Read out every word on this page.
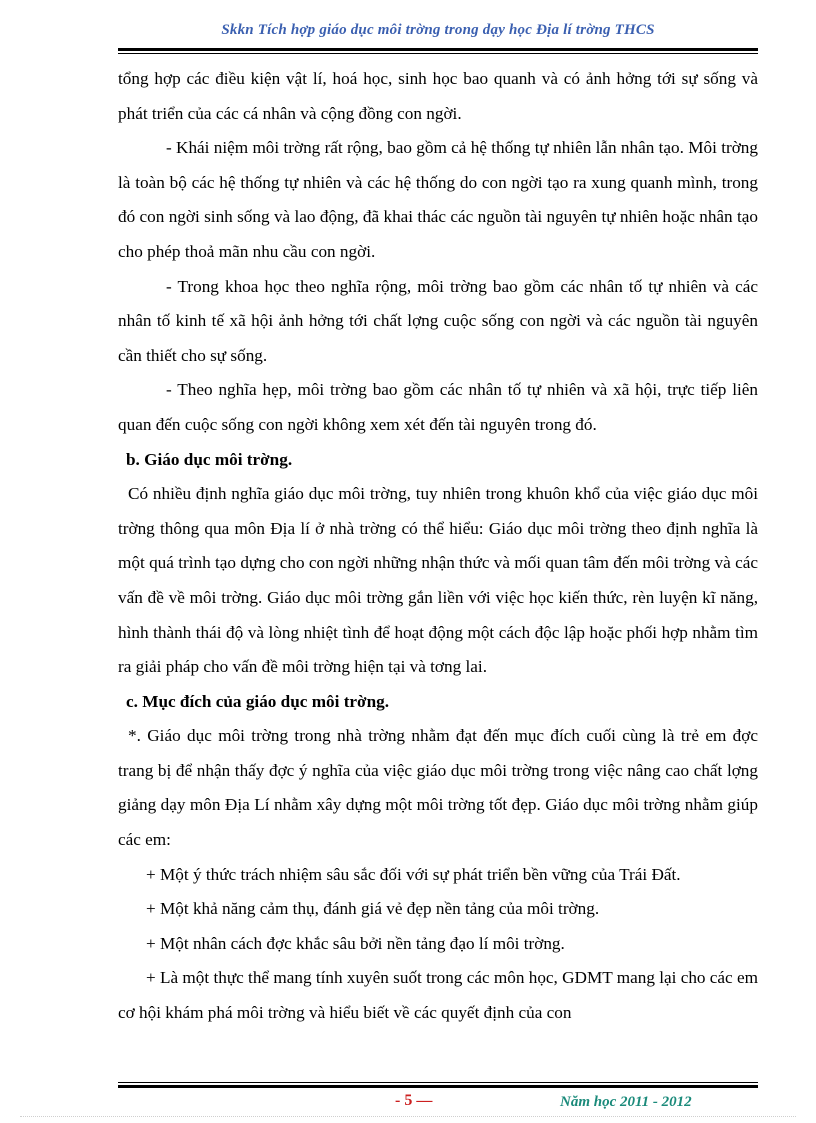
Skkn Tích hợp giáo dục môi trờng trong dạy học Địa lí trờng THCS

tổng hợp các điều kiện vật lí, hoá học, sinh học bao quanh và có ảnh hởng tới sự sống và phát triển của các cá nhân và cộng đồng con ngời.

- Khái niệm môi trờng rất rộng, bao gồm cả hệ thống tự nhiên lẫn nhân tạo. Môi trờng là toàn bộ các hệ thống tự nhiên và các hệ thống do con ngời tạo ra xung quanh mình, trong đó con ngời sinh sống và lao động, đã khai thác các nguồn tài nguyên tự nhiên hoặc nhân tạo cho phép thoả mãn nhu cầu con ngời.

- Trong khoa học theo nghĩa rộng, môi trờng bao gồm các nhân tố tự nhiên và các nhân tố kinh tế xã hội ảnh hởng tới chất lợng cuộc sống con ngời và các nguồn tài nguyên cần thiết cho sự sống.

- Theo nghĩa hẹp, môi trờng bao gồm các nhân tố tự nhiên và xã hội, trực tiếp liên quan đến cuộc sống con ngời không xem xét đến tài nguyên trong đó.

b. Giáo dục môi trờng.

Có nhiều định nghĩa giáo dục môi trờng, tuy nhiên trong khuôn khổ của việc giáo dục môi trờng thông qua môn Địa lí ở nhà trờng có thể hiểu: Giáo dục môi trờng theo định nghĩa là một quá trình tạo dựng cho con ngời những nhận thức và mối quan tâm đến môi trờng và các vấn đề về môi trờng. Giáo dục môi trờng gắn liền với việc học kiến thức, rèn luyện kĩ năng, hình thành thái độ và lòng nhiệt tình để hoạt động một cách độc lập hoặc phối hợp nhằm tìm ra giải pháp cho vấn đề môi trờng hiện tại và tơng lai.

c. Mục đích của giáo dục môi trờng.

*. Giáo dục môi trờng trong nhà trờng nhằm đạt đến mục đích cuối cùng là trẻ em đợc trang bị để nhận thấy đợc ý nghĩa của việc giáo dục môi trờng trong việc nâng cao chất lợng giảng dạy môn Địa Lí nhằm xây dựng một môi trờng tốt đẹp. Giáo dục môi trờng nhằm giúp các em:

+ Một ý thức trách nhiệm sâu sắc đối với sự phát triển bền vững của Trái Đất.

+ Một khả năng cảm thụ, đánh giá vẻ đẹp nền tảng của môi trờng.

+ Một nhân cách đợc khắc sâu bởi nền tảng đạo lí môi trờng.

+ Là một thực thể mang tính xuyên suốt trong các môn học, GDMT mang lại cho các em cơ hội khám phá môi trờng và hiểu biết về các quyết định của con

- 5 —	Năm học 2011 - 2012
